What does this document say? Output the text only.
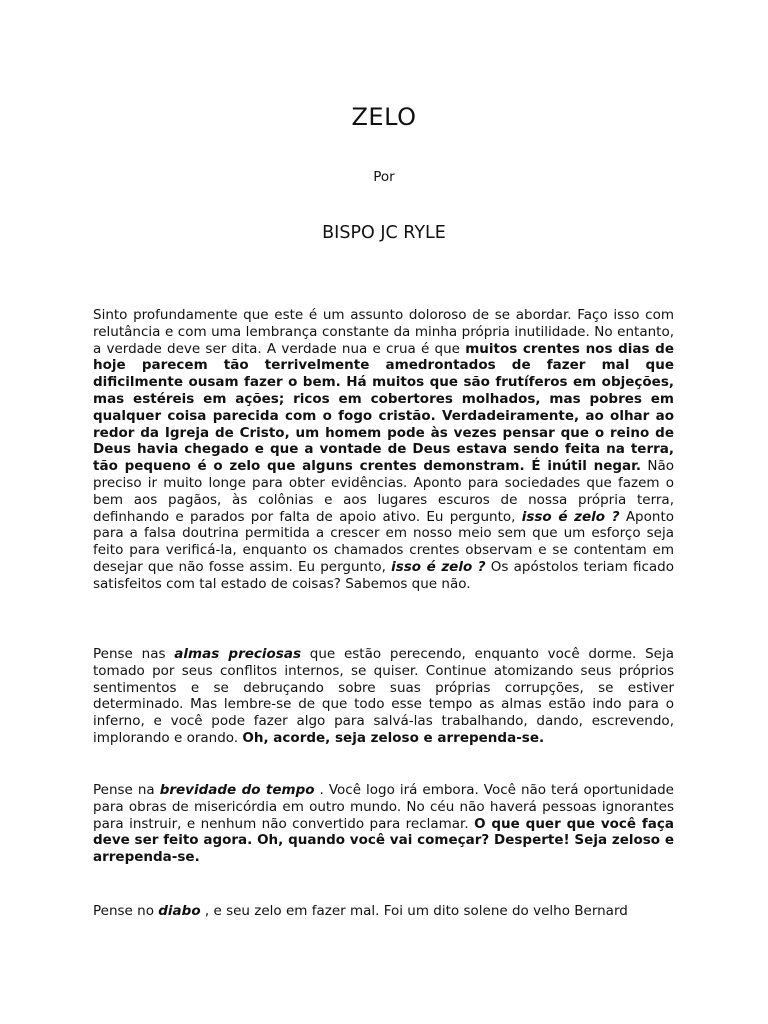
ZELO
Por
BISPO JC RYLE

Sinto profundamente que este é um assunto doloroso de se abordar. Faço isso com relutância e com uma lembrança constante da minha própria inutilidade. No entanto, a verdade deve ser dita. A verdade nua e crua é que muitos crentes nos dias de hoje parecem tão terrivelmente amedrontados de fazer mal que dificilmente ousam fazer o bem. Há muitos que são frutíferos em objeções, mas estéreis em ações; ricos em cobertores molhados, mas pobres em qualquer coisa parecida com o fogo cristão. Verdadeiramente, ao olhar ao redor da Igreja de Cristo, um homem pode às vezes pensar que o reino de Deus havia chegado e que a vontade de Deus estava sendo feita na terra, tão pequeno é o zelo que alguns crentes demonstram. É inútil negar. Não preciso ir muito longe para obter evidências. Aponto para sociedades que fazem o bem aos pagãos, às colônias e aos lugares escuros de nossa própria terra, definhando e parados por falta de apoio ativo. Eu pergunto, isso é zelo ? Aponto para a falsa doutrina permitida a crescer em nosso meio sem que um esforço seja feito para verificá-la, enquanto os chamados crentes observam e se contentam em desejar que não fosse assim. Eu pergunto, isso é zelo ? Os apóstolos teriam ficado satisfeitos com tal estado de coisas? Sabemos que não.

Pense nas almas preciosas que estão perecendo, enquanto você dorme. Seja tomado por seus conflitos internos, se quiser. Continue atomizando seus próprios sentimentos e se debruçando sobre suas próprias corrupções, se estiver determinado. Mas lembre-se de que todo esse tempo as almas estão indo para o inferno, e você pode fazer algo para salvá-las trabalhando, dando, escrevendo, implorando e orando. Oh, acorde, seja zeloso e arrependa-se.

Pense na brevidade do tempo . Você logo irá embora. Você não terá oportunidade para obras de misericórdia em outro mundo. No céu não haverá pessoas ignorantes para instruir, e nenhum não convertido para reclamar. O que quer que você faça deve ser feito agora. Oh, quando você vai começar? Desperte! Seja zeloso e arrependa-se.

Pense no diabo , e seu zelo em fazer mal. Foi um dito solene do velho Bernard
